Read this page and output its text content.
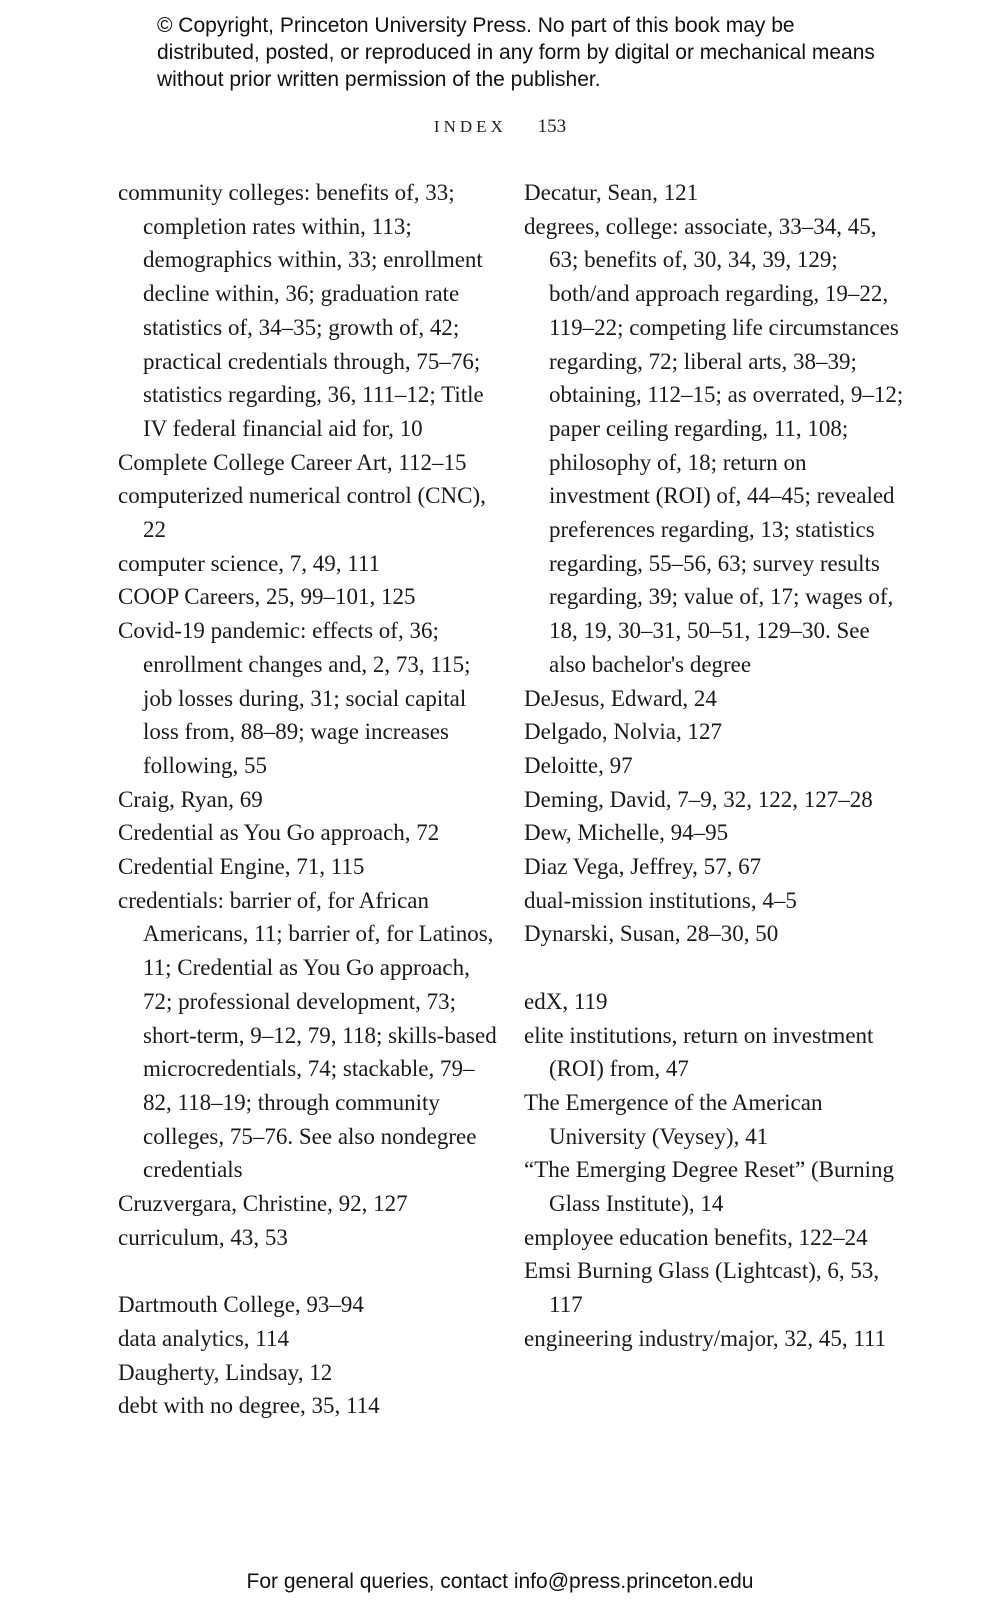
© Copyright, Princeton University Press. No part of this book may be distributed, posted, or reproduced in any form by digital or mechanical means without prior written permission of the publisher.
INDEX 153
community colleges: benefits of, 33; completion rates within, 113; demographics within, 33; enrollment decline within, 36; graduation rate statistics of, 34–35; growth of, 42; practical credentials through, 75–76; statistics regarding, 36, 111–12; Title IV federal financial aid for, 10
Complete College Career Art, 112–15
computerized numerical control (CNC), 22
computer science, 7, 49, 111
COOP Careers, 25, 99–101, 125
Covid-19 pandemic: effects of, 36; enrollment changes and, 2, 73, 115; job losses during, 31; social capital loss from, 88–89; wage increases following, 55
Craig, Ryan, 69
Credential as You Go approach, 72
Credential Engine, 71, 115
credentials: barrier of, for African Americans, 11; barrier of, for Latinos, 11; Credential as You Go approach, 72; professional development, 73; short-term, 9–12, 79, 118; skills-based microcredentials, 74; stackable, 79–82, 118–19; through community colleges, 75–76. See also nondegree credentials
Cruzvergara, Christine, 92, 127
curriculum, 43, 53
Dartmouth College, 93–94
data analytics, 114
Daugherty, Lindsay, 12
debt with no degree, 35, 114
Decatur, Sean, 121
degrees, college: associate, 33–34, 45, 63; benefits of, 30, 34, 39, 129; both/and approach regarding, 19–22, 119–22; competing life circumstances regarding, 72; liberal arts, 38–39; obtaining, 112–15; as overrated, 9–12; paper ceiling regarding, 11, 108; philosophy of, 18; return on investment (ROI) of, 44–45; revealed preferences regarding, 13; statistics regarding, 55–56, 63; survey results regarding, 39; value of, 17; wages of, 18, 19, 30–31, 50–51, 129–30. See also bachelor's degree
DeJesus, Edward, 24
Delgado, Nolvia, 127
Deloitte, 97
Deming, David, 7–9, 32, 122, 127–28
Dew, Michelle, 94–95
Diaz Vega, Jeffrey, 57, 67
dual-mission institutions, 4–5
Dynarski, Susan, 28–30, 50
edX, 119
elite institutions, return on investment (ROI) from, 47
The Emergence of the American University (Veysey), 41
“The Emerging Degree Reset” (Burning Glass Institute), 14
employee education benefits, 122–24
Emsi Burning Glass (Lightcast), 6, 53, 117
engineering industry/major, 32, 45, 111
For general queries, contact info@press.princeton.edu
